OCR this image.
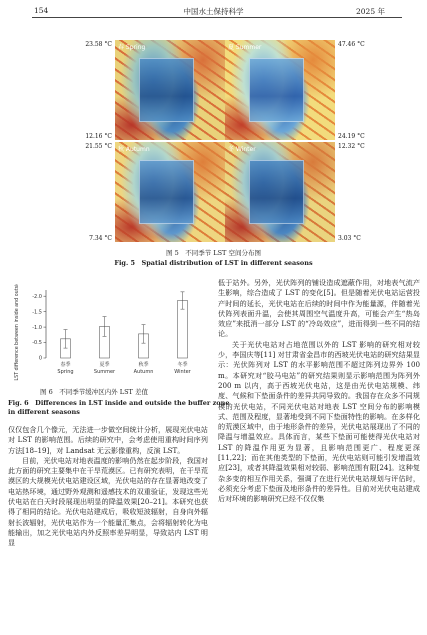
154	中国水土保持科学	2025 年
春 Spring
23.58 °C
12.16 °C
夏 Summer	47.46 °C
24.19 °C
秋 Autumn
21.55 °C
7.34 °C
冬 Winter	12.32 °C
3.03 °C
图 5　不同季节 LST 空间分布图
Fig. 5　Spatial distribution of LST in different seasons
缓冲区内外LST差值/°C LST difference between inside and outside of buffer zone/°C -2.0
-1.5
-1.0
-0.5
0
春季
Spring
夏季
Summer
秋季
Autumn
冬季
Winter
图 6　不同季节缓冲区内外 LST 差值
Fig. 6　Differences in LST inside and outside the buffer zone
in different seasons

仅仅包含几个像元，无法进一步做空间统计分析，展现光伏电站对 LST 的影响范围。后续的研究中，会考虑使用重构时间序列方法[18–19]，对 Landsat 无云影像重构，反演 LST。

目前，光伏电站对地表温度的影响仍然在起步阶段，我国对此方面的研究主要集中在干旱荒漠区。已有研究表明，在干旱荒漠区的大规模光伏电站建设区域，光伏电站的存在显著地改变了电站热环境，通过野外观测和遥感技术的双重验证，发现这些光伏电站在白天时段展现出明显的降温效果[20–21]。本研究也获得了相同的结论。光伏电站建成后，吸收短波辐射，自身向外辐射长波辐射，光伏电站作为一个能量汇集点，会将辐射转化为电能输出，加之光伏电站内外反照率差异明显，导致站内 LST 明显

低于站外。另外，光伏阵列的铺设造成遮蔽作用，对地表气流产生影响，综合造成了 LST 的变化[5]。但是随着光伏电站运营投产时间的延长，光伏电站在后续的时间中作为能量源，伴随着光伏阵列表面升温，会使其周围空气温度升高，可能会产生“热岛效应”来抵消一部分 LST 的“冷岛效应”，进而得到一些不同的结论。

关于光伏电站对占地范围以外的 LST 影响的研究相对较少，李国庆等[11] 对甘肃省金昌市的西坡光伏电站的研究结果显示：光伏阵列对 LST 的水平影响范围不超过阵列边界外 100 m。本研究对“胶马电站”的研究结果则显示影响范围为阵列外 200 m 以内，高于西坡光伏电站，这是由光伏电站规模、纬度、气候和下垫面条件的差异共同导致的。我国存在众多不同规模的光伏电站，不同光伏电站对地表 LST 空间分布的影响模式、范围及程度，显著地受到不同下垫面特性的影响。在多样化的荒漠区域中，由于地形条件的差异，光伏电站展现出了不同的降温与增温效应。具体而言，某些下垫面可能使得光伏电站对 LST 的降温作用更为显著，且影响范围更广、程度更深[11,22]；而在其他类型的下垫面，光伏电站则可能引发增温效应[23]，或者其降温效果相对较弱、影响范围有限[24]。这种复杂多变的相互作用关系，强调了在进行光伏电站规划与评估时，必须充分考虑下垫面及地形条件的差异性。目前对光伏电站建成后对环境的影响研究已经不仅仅集
